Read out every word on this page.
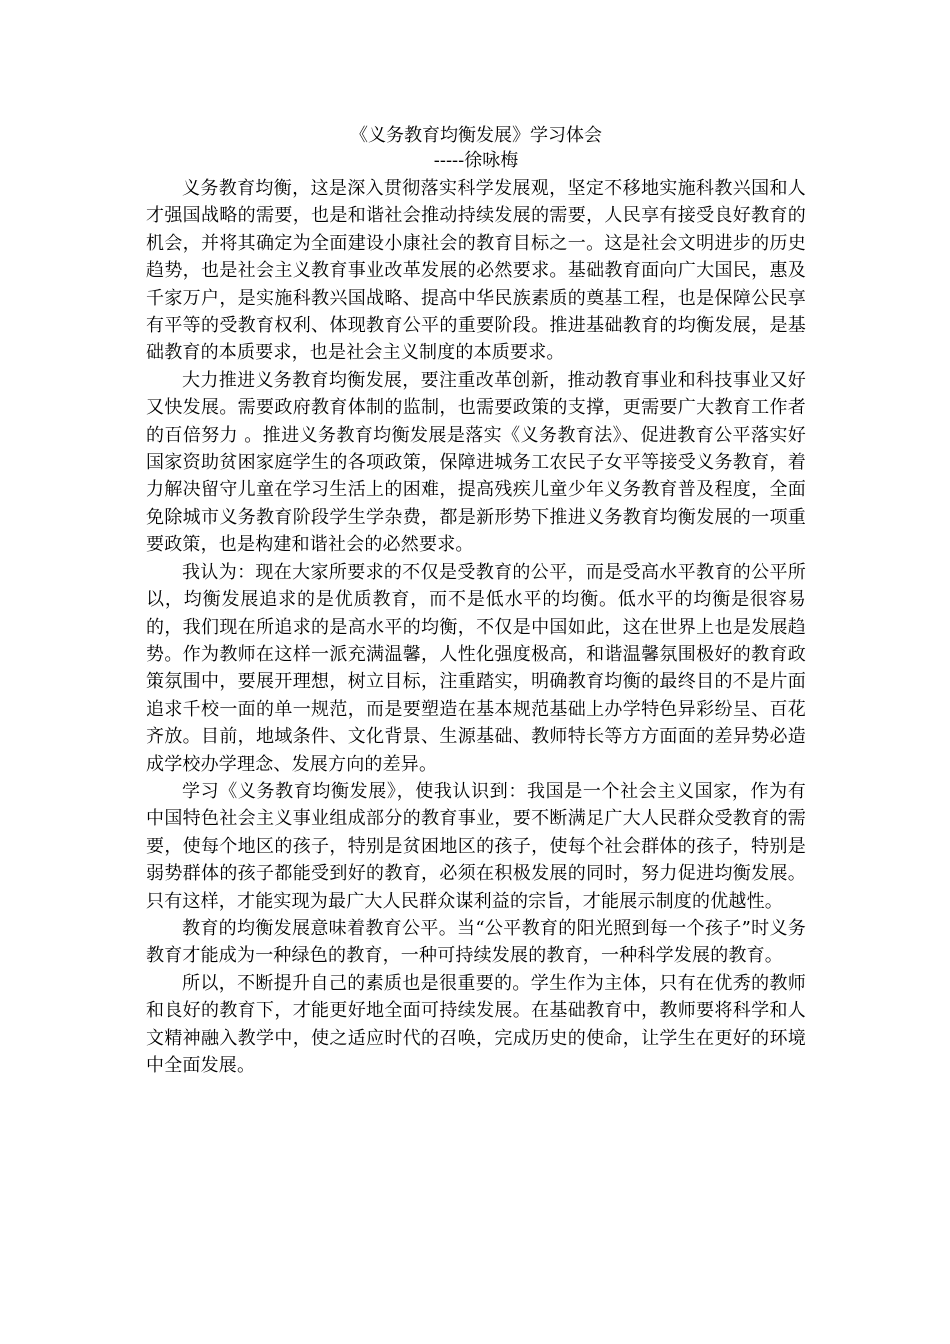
《义务教育均衡发展》学习体会

-----徐咏梅

义务教育均衡，这是深入贯彻落实科学发展观，坚定不移地实施科教兴国和人才强国战略的需要，也是和谐社会推动持续发展的需要，人民享有接受良好教育的机会，并将其确定为全面建设小康社会的教育目标之一。这是社会文明进步的历史趋势，也是社会主义教育事业改革发展的必然要求。基础教育面向广大国民，惠及千家万户，是实施科教兴国战略、提高中华民族素质的奠基工程，也是保障公民享有平等的受教育权利、体现教育公平的重要阶段。推进基础教育的均衡发展，是基础教育的本质要求，也是社会主义制度的本质要求。

大力推进义务教育均衡发展，要注重改革创新，推动教育事业和科技事业又好又快发展。需要政府教育体制的监制，也需要政策的支撑，更需要广大教育工作者的百倍努力 。推进义务教育均衡发展是落实《义务教育法》、促进教育公平落实好国家资助贫困家庭学生的各项政策，保障进城务工农民子女平等接受义务教育，着力解决留守儿童在学习生活上的困难，提高残疾儿童少年义务教育普及程度，全面免除城市义务教育阶段学生学杂费，都是新形势下推进义务教育均衡发展的一项重要政策，也是构建和谐社会的必然要求。

我认为：现在大家所要求的不仅是受教育的公平，而是受高水平教育的公平所以，均衡发展追求的是优质教育，而不是低水平的均衡。低水平的均衡是很容易的，我们现在所追求的是高水平的均衡，不仅是中国如此，这在世界上也是发展趋势。作为教师在这样一派充满温馨，人性化强度极高，和谐温馨氛围极好的教育政策氛围中，要展开理想，树立目标，注重踏实，明确教育均衡的最终目的不是片面追求千校一面的单一规范，而是要塑造在基本规范基础上办学特色异彩纷呈、百花齐放。目前，地域条件、文化背景、生源基础、教师特长等方方面面的差异势必造成学校办学理念、发展方向的差异。

学习《义务教育均衡发展》，使我认识到：我国是一个社会主义国家，作为有中国特色社会主义事业组成部分的教育事业，要不断满足广大人民群众受教育的需要，使每个地区的孩子，特别是贫困地区的孩子，使每个社会群体的孩子，特别是弱势群体的孩子都能受到好的教育，必须在积极发展的同时，努力促进均衡发展。只有这样，才能实现为最广大人民群众谋利益的宗旨，才能展示制度的优越性。

教育的均衡发展意味着教育公平。当“公平教育的阳光照到每一个孩子”时义务教育才能成为一种绿色的教育，一种可持续发展的教育，一种科学发展的教育。

所以，不断提升自己的素质也是很重要的。学生作为主体，只有在优秀的教师和良好的教育下，才能更好地全面可持续发展。在基础教育中，教师要将科学和人文精神融入教学中，使之适应时代的召唤，完成历史的使命，让学生在更好的环境中全面发展。
